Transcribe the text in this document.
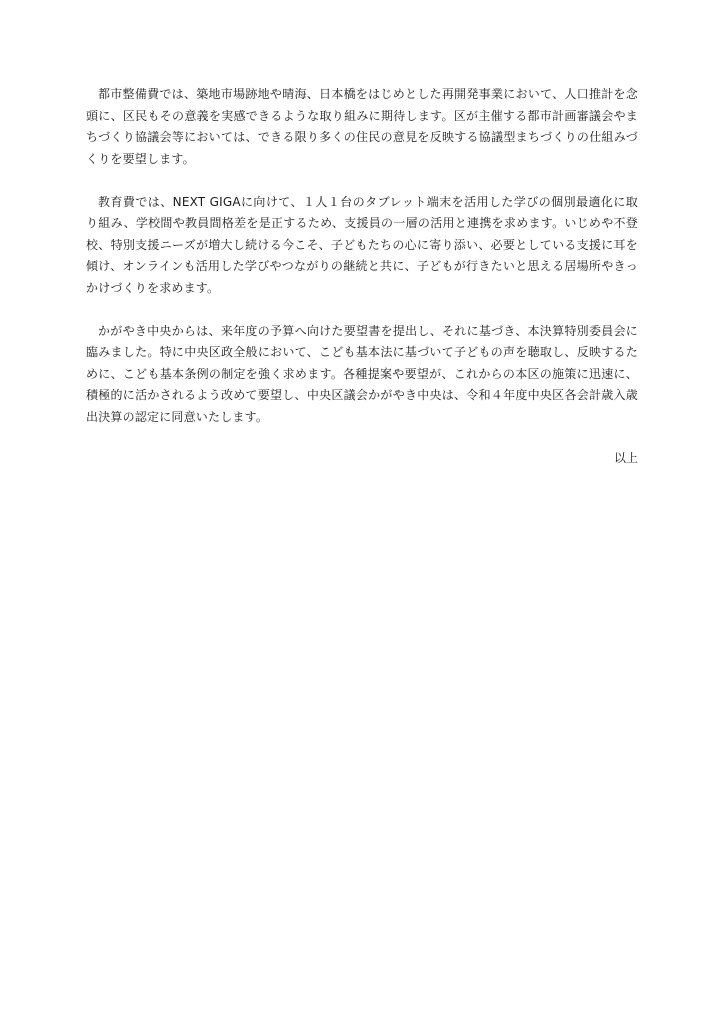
都市整備費では、築地市場跡地や晴海、日本橋をはじめとした再開発事業において、人口推計を念頭に、区民もその意義を実感できるような取り組みに期待します。区が主催する都市計画審議会やまちづくり協議会等においては、できる限り多くの住民の意見を反映する協議型まちづくりの仕組みづくりを要望します。

教育費では、NEXT GIGAに向けて、１人１台のタブレット端末を活用した学びの個別最適化に取り組み、学校間や教員間格差を是正するため、支援員の一層の活用と連携を求めます。いじめや不登校、特別支援ニーズが増大し続ける今こそ、子どもたちの心に寄り添い、必要としている支援に耳を傾け、オンラインも活用した学びやつながりの継続と共に、子どもが行きたいと思える居場所やきっかけづくりを求めます。

かがやき中央からは、来年度の予算へ向けた要望書を提出し、それに基づき、本決算特別委員会に臨みました。特に中央区政全般において、こども基本法に基づいて子どもの声を聴取し、反映するために、こども基本条例の制定を強く求めます。各種提案や要望が、これからの本区の施策に迅速に、積極的に活かされるよう改めて要望し、中央区議会かがやき中央は、令和４年度中央区各会計歳入歳出決算の認定に同意いたします。

以上
